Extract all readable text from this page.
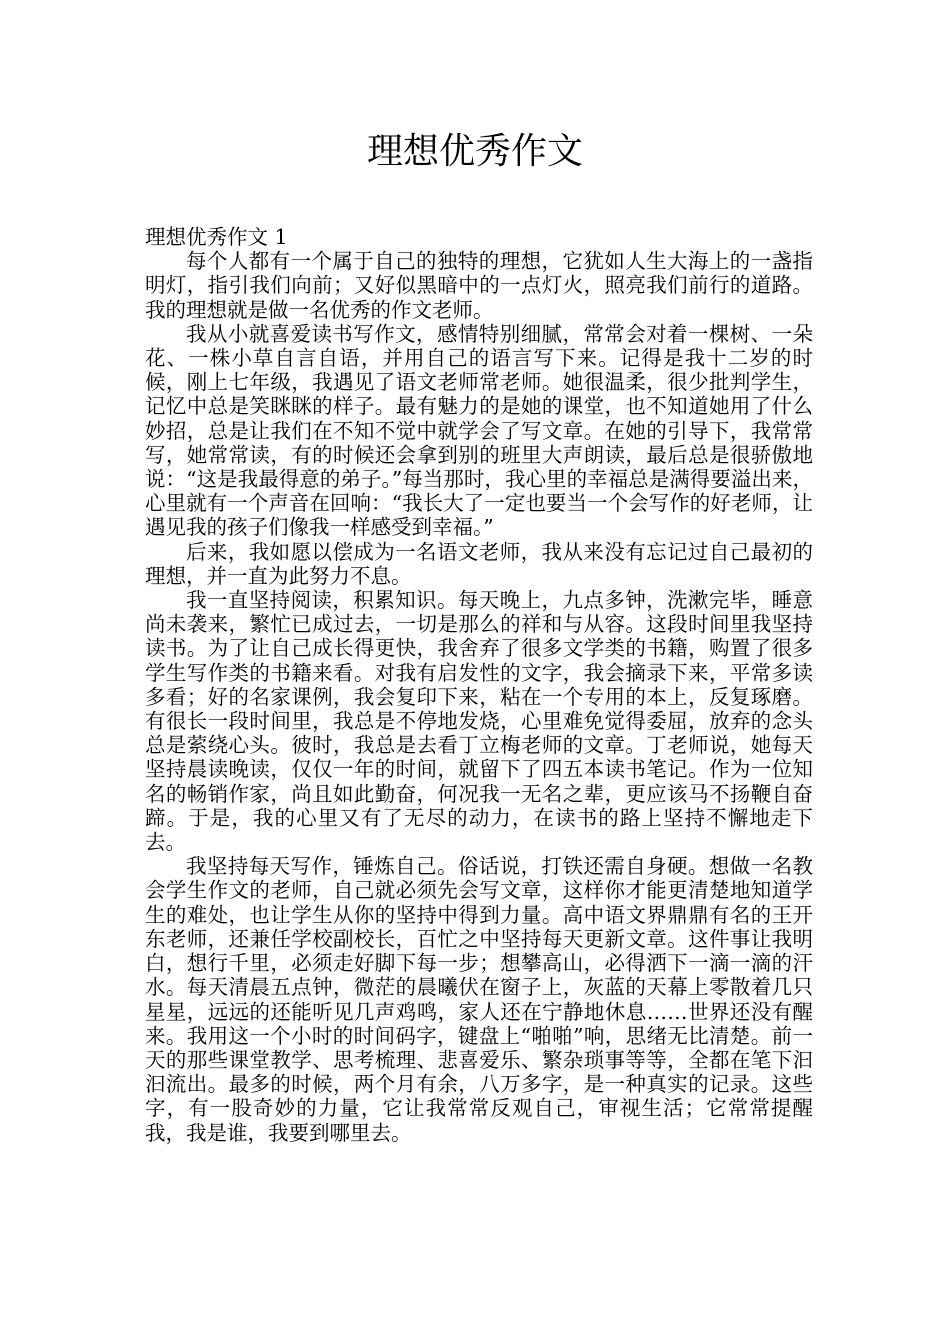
理想优秀作文

理想优秀作文 1

每个人都有一个属于自己的独特的理想，它犹如人生大海上的一盏指明灯，指引我们向前；又好似黑暗中的一点灯火，照亮我们前行的道路。我的理想就是做一名优秀的作文老师。

我从小就喜爱读书写作文，感情特别细腻，常常会对着一棵树、一朵花、一株小草自言自语，并用自己的语言写下来。记得是我十二岁的时候，刚上七年级，我遇见了语文老师常老师。她很温柔，很少批判学生，记忆中总是笑眯眯的样子。最有魅力的是她的课堂，也不知道她用了什么妙招，总是让我们在不知不觉中就学会了写文章。在她的引导下，我常常写，她常常读，有的时候还会拿到别的班里大声朗读，最后总是很骄傲地说：“这是我最得意的弟子。”每当那时，我心里的幸福总是满得要溢出来，心里就有一个声音在回响：“我长大了一定也要当一个会写作的好老师，让遇见我的孩子们像我一样感受到幸福。”

后来，我如愿以偿成为一名语文老师，我从来没有忘记过自己最初的理想，并一直为此努力不息。

我一直坚持阅读，积累知识。每天晚上，九点多钟，洗漱完毕，睡意尚未袭来，繁忙已成过去，一切是那么的祥和与从容。这段时间里我坚持读书。为了让自己成长得更快，我舍弃了很多文学类的书籍，购置了很多学生写作类的书籍来看。对我有启发性的文字，我会摘录下来，平常多读多看；好的名家课例，我会复印下来，粘在一个专用的本上，反复琢磨。有很长一段时间里，我总是不停地发烧，心里难免觉得委屈，放弃的念头总是萦绕心头。彼时，我总是去看丁立梅老师的文章。丁老师说，她每天坚持晨读晚读，仅仅一年的时间，就留下了四五本读书笔记。作为一位知名的畅销作家，尚且如此勤奋，何况我一无名之辈，更应该马不扬鞭自奋蹄。于是，我的心里又有了无尽的动力，在读书的路上坚持不懈地走下去。

我坚持每天写作，锤炼自己。俗话说，打铁还需自身硬。想做一名教会学生作文的老师，自己就必须先会写文章，这样你才能更清楚地知道学生的难处，也让学生从你的坚持中得到力量。高中语文界鼎鼎有名的王开东老师，还兼任学校副校长，百忙之中坚持每天更新文章。这件事让我明白，想行千里，必须走好脚下每一步；想攀高山，必得洒下一滴一滴的汗水。每天清晨五点钟，微茫的晨曦伏在窗子上，灰蓝的天幕上零散着几只星星，远远的还能听见几声鸡鸣，家人还在宁静地休息……世界还没有醒来。我用这一个小时的时间码字，键盘上“啪啪”响，思绪无比清楚。前一天的那些课堂教学、思考梳理、悲喜爱乐、繁杂琐事等等，全都在笔下汩汩流出。最多的时候，两个月有余，八万多字，是一种真实的记录。这些字，有一股奇妙的力量，它让我常常反观自己，审视生活；它常常提醒我，我是谁，我要到哪里去。
